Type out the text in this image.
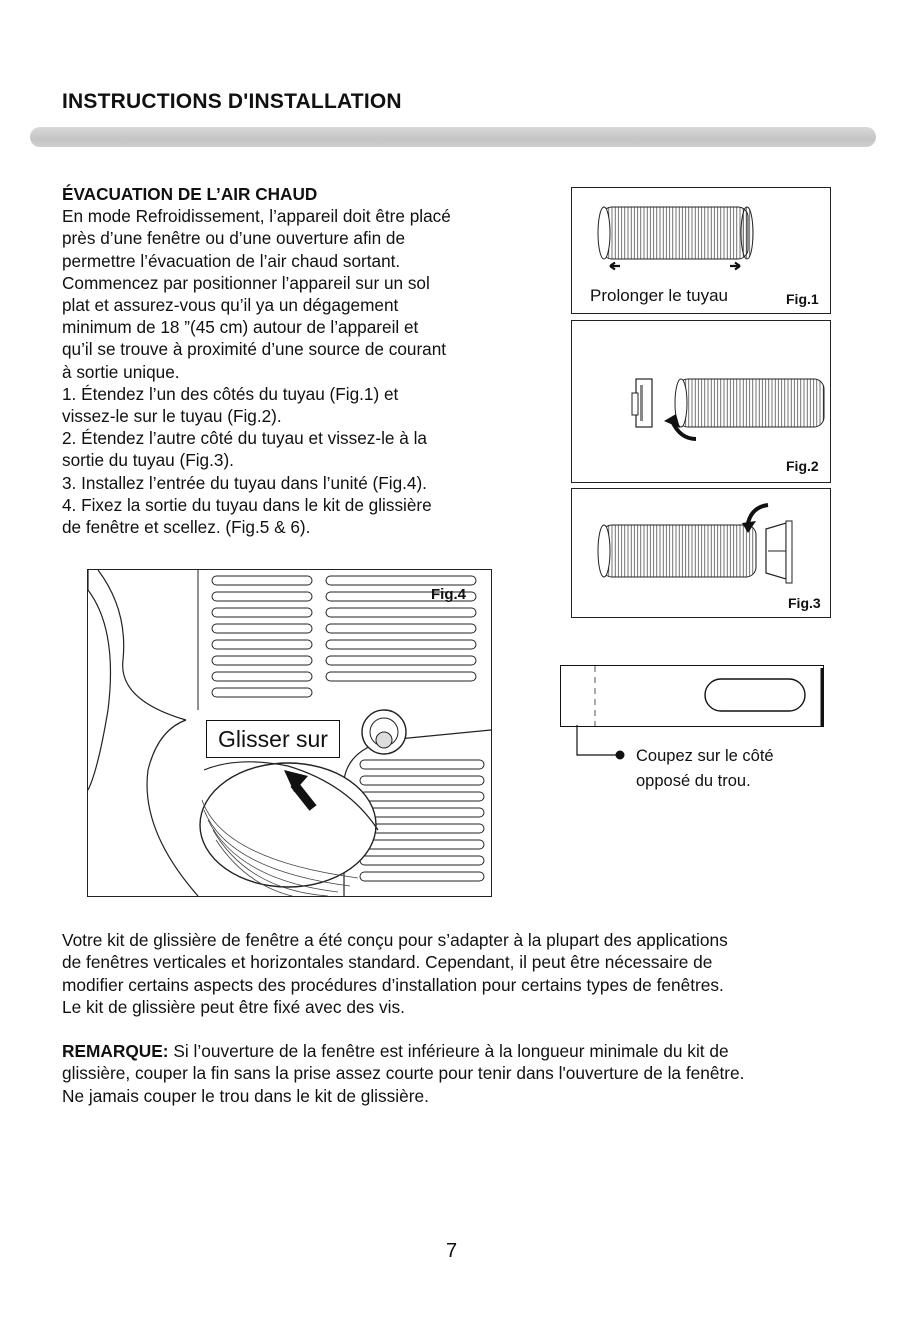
INSTRUCTIONS D'INSTALLATION
ÉVACUATION DE L’AIR CHAUD
En mode Refroidissement, l’appareil doit être placé
près d’une fenêtre ou d’une ouverture afin de
permettre l’évacuation de l’air chaud sortant.
Commencez par positionner l’appareil sur un sol
plat et assurez-vous qu’il ya un dégagement
minimum de 18 ”(45 cm) autour de l’appareil et
qu’il se trouve à proximité d’une source de courant
à sortie unique.
1. Étendez l’un des côtés du tuyau (Fig.1) et
vissez-le sur le tuyau (Fig.2).
2. Étendez l’autre côté du tuyau et vissez-le à la
sortie du tuyau (Fig.3).
3. Installez l’entrée du tuyau dans l’unité (Fig.4).
4. Fixez la sortie du tuyau dans le kit de glissière
de fenêtre et scellez. (Fig.5 & 6).
Prolonger le tuyau	Fig.1
Fig.2
Fig.3
Fig.4
Glisser sur
Coupez sur le côté
opposé du trou.

Votre kit de glissière de fenêtre a été conçu pour s’adapter à la plupart des applications
de fenêtres verticales et horizontales standard. Cependant, il peut être nécessaire de
modifier certains aspects des procédures d’installation pour certains types de fenêtres.
Le kit de glissière peut être fixé avec des vis.

REMARQUE: Si l’ouverture de la fenêtre est inférieure à la longueur minimale du kit de
glissière, couper la fin sans la prise assez courte pour tenir dans l'ouverture de la fenêtre.
Ne jamais couper le trou dans le kit de glissière.

7
